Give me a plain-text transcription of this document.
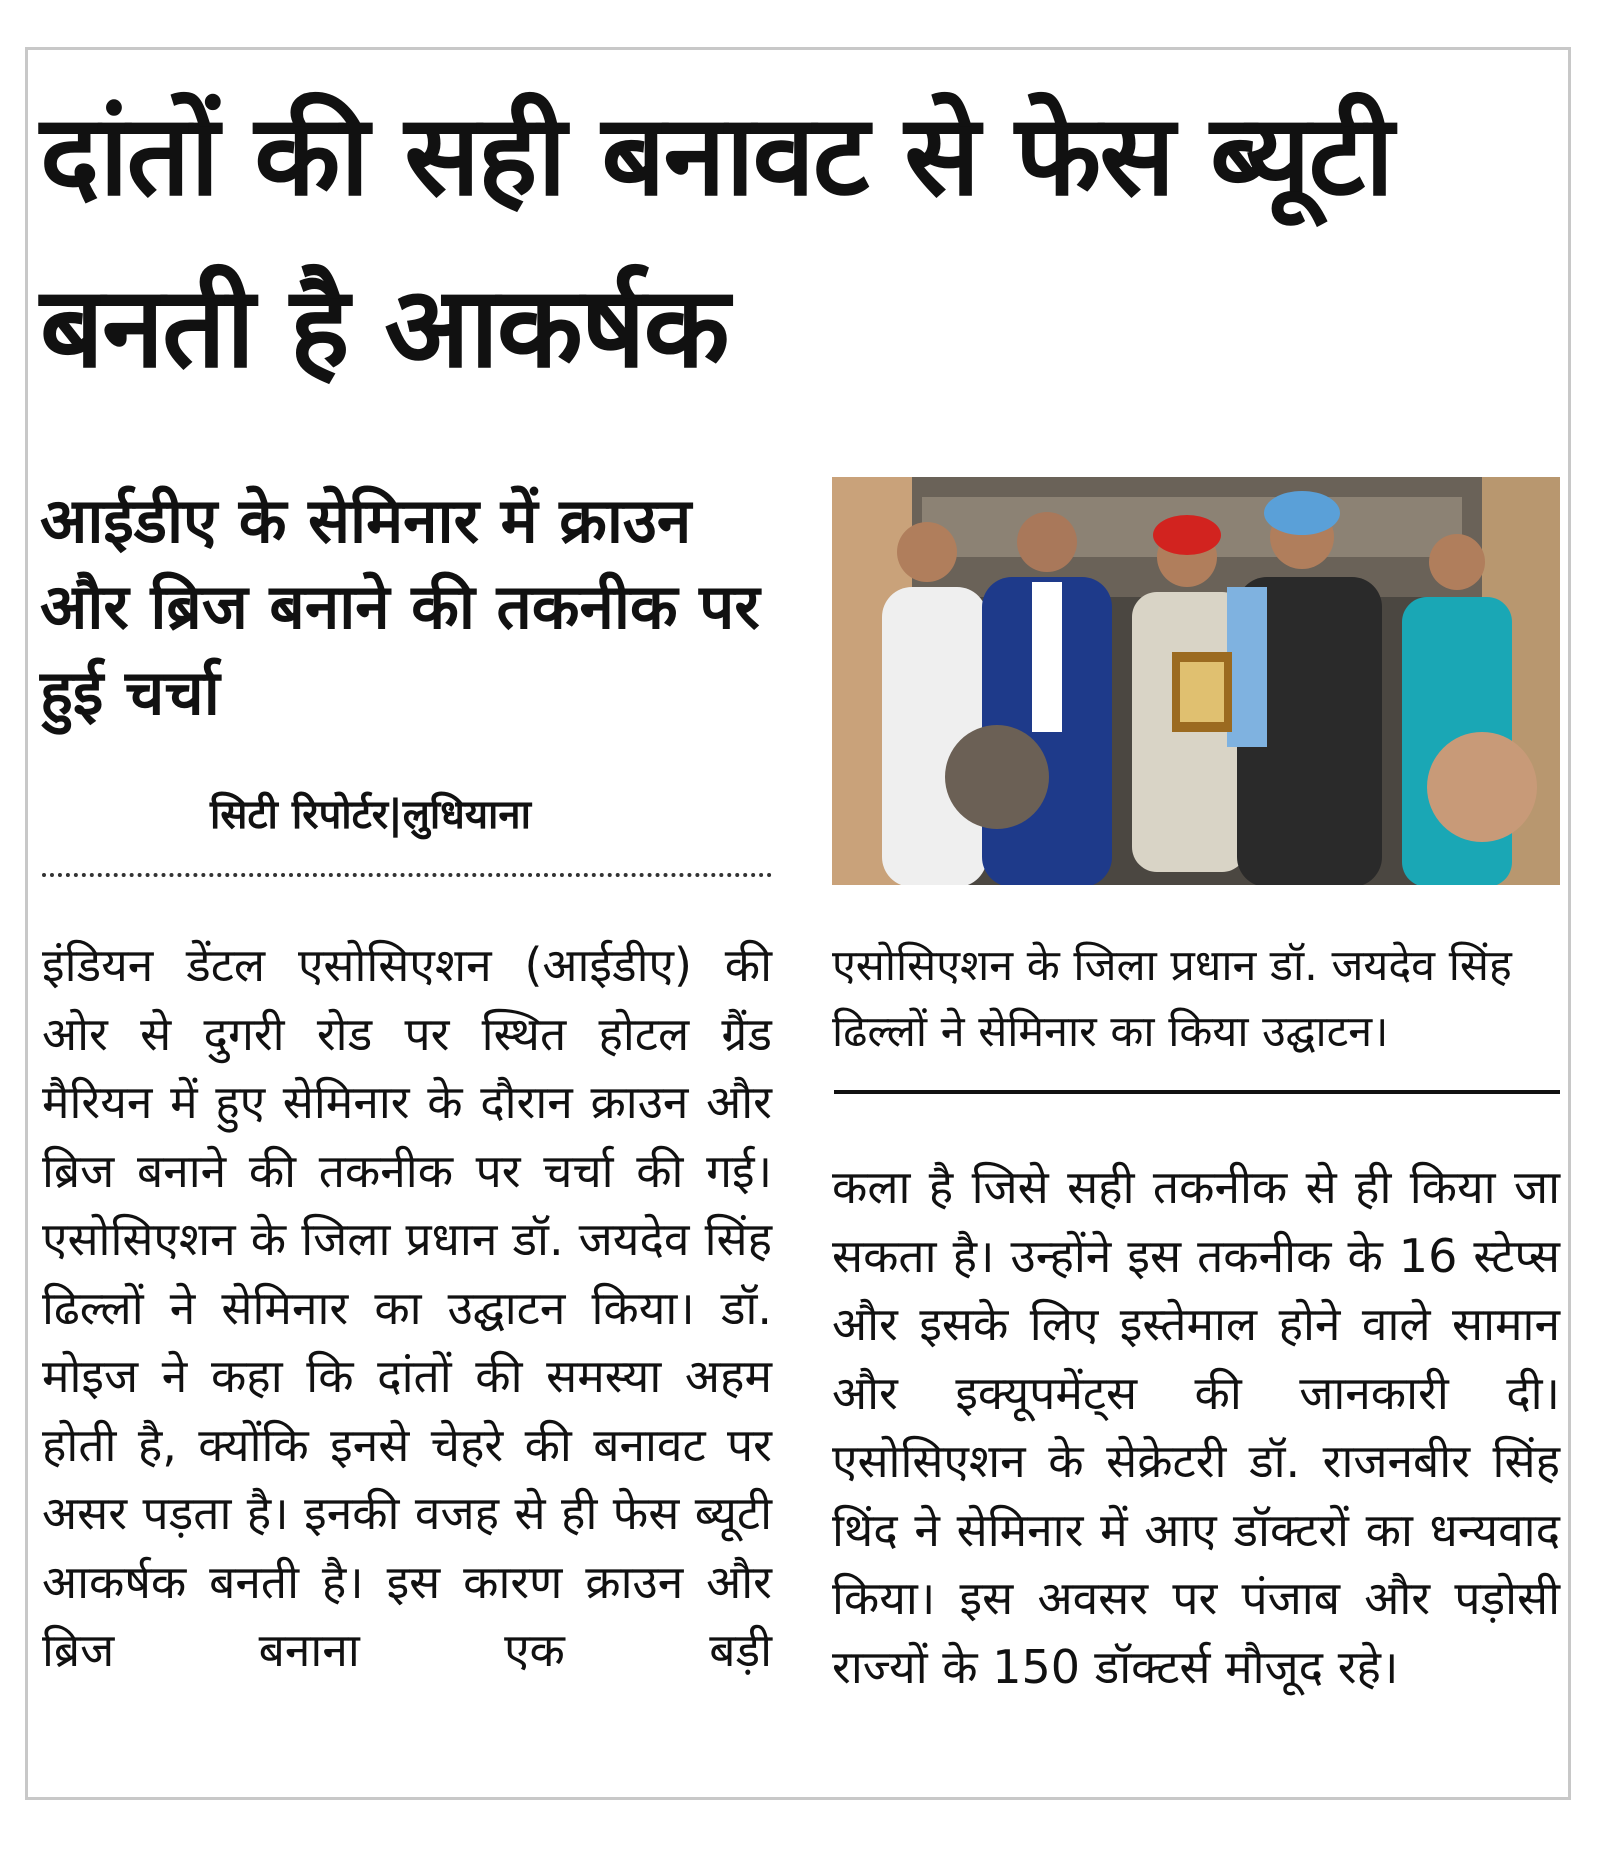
दांतों की सही बनावट से फेस ब्यूटी बनती है आकर्षक
आईडीए के सेमिनार में क्राउन और ब्रिज बनाने की तकनीक पर हुई चर्चा
सिटी रिपोर्टर|लुधियाना

एसोसिएशन के जिला प्रधान डॉ. जयदेव सिंह ढिल्लों ने सेमिनार का किया उद्घाटन।

इंडियन डेंटल एसोसिएशन (आईडीए) की ओर से दुगरी रोड पर स्थित होटल ग्रैंड मैरियन में हुए सेमिनार के दौरान क्राउन और ब्रिज बनाने की तकनीक पर चर्चा की गई। एसोसिएशन के जिला प्रधान डॉ. जयदेव सिंह ढिल्लों ने सेमिनार का उद्घाटन किया। डॉ. मोइज ने कहा कि दांतों की समस्या अहम होती है, क्योंकि इनसे चेहरे की बनावट पर असर पड़ता है। इनकी वजह से ही फेस ब्यूटी आकर्षक बनती है। इस कारण क्राउन और ब्रिज बनाना एक बड़ी

कला है जिसे सही तकनीक से ही किया जा सकता है। उन्होंने इस तकनीक के 16 स्टेप्स और इसके लिए इस्तेमाल होने वाले सामान और इक्यूपमेंट्स की जानकारी दी। एसोसिएशन के सेक्रेटरी डॉ. राजनबीर सिंह थिंद ने सेमिनार में आए डॉक्टरों का धन्यवाद किया। इस अवसर पर पंजाब और पड़ोसी राज्यों के 150 डॉक्टर्स मौजूद रहे।
